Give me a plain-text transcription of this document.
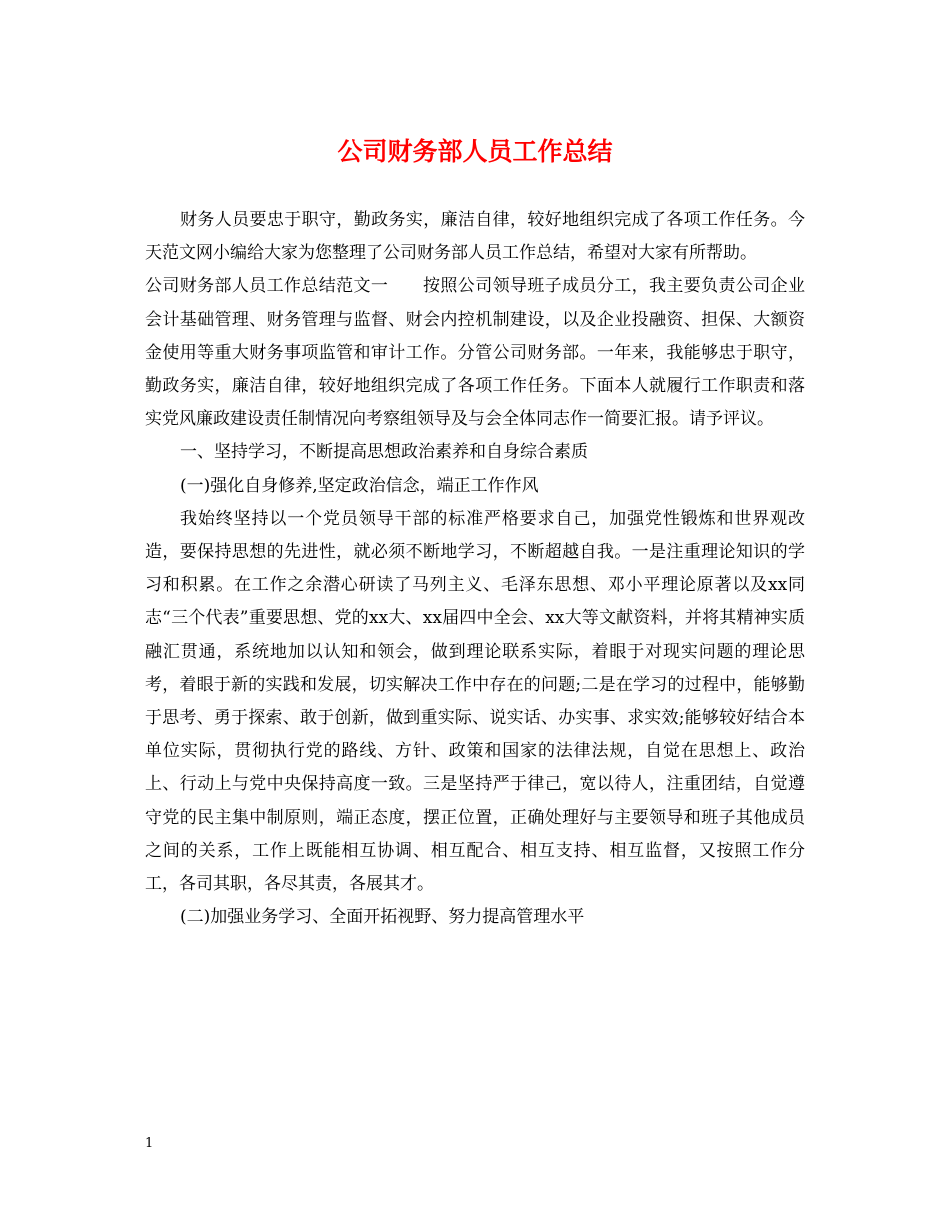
公司财务部人员工作总结

财务人员要忠于职守，勤政务实，廉洁自律，较好地组织完成了各项工作任务。今天范文网小编给大家为您整理了公司财务部人员工作总结，希望对大家有所帮助。

公司财务部人员工作总结范文一　　按照公司领导班子成员分工，我主要负责公司企业会计基础管理、财务管理与监督、财会内控机制建设，以及企业投融资、担保、大额资金使用等重大财务事项监管和审计工作。分管公司财务部。一年来，我能够忠于职守，勤政务实，廉洁自律，较好地组织完成了各项工作任务。下面本人就履行工作职责和落实党风廉政建设责任制情况向考察组领导及与会全体同志作一简要汇报。请予评议。

一、坚持学习，不断提高思想政治素养和自身综合素质

(一)强化自身修养,坚定政治信念，端正工作作风

我始终坚持以一个党员领导干部的标准严格要求自己，加强党性锻炼和世界观改造，要保持思想的先进性，就必须不断地学习，不断超越自我。一是注重理论知识的学习和积累。在工作之余潜心研读了马列主义、毛泽东思想、邓小平理论原著以及xx同志“三个代表”重要思想、党的xx大、xx届四中全会、xx大等文献资料，并将其精神实质融汇贯通，系统地加以认知和领会，做到理论联系实际，着眼于对现实问题的理论思考，着眼于新的实践和发展，切实解决工作中存在的问题;二是在学习的过程中，能够勤于思考、勇于探索、敢于创新，做到重实际、说实话、办实事、求实效;能够较好结合本单位实际，贯彻执行党的路线、方针、政策和国家的法律法规，自觉在思想上、政治上、行动上与党中央保持高度一致。三是坚持严于律己，宽以待人，注重团结，自觉遵守党的民主集中制原则，端正态度，摆正位置，正确处理好与主要领导和班子其他成员之间的关系，工作上既能相互协调、相互配合、相互支持、相互监督，又按照工作分工，各司其职，各尽其责，各展其才。

(二)加强业务学习、全面开拓视野、努力提高管理水平

1
